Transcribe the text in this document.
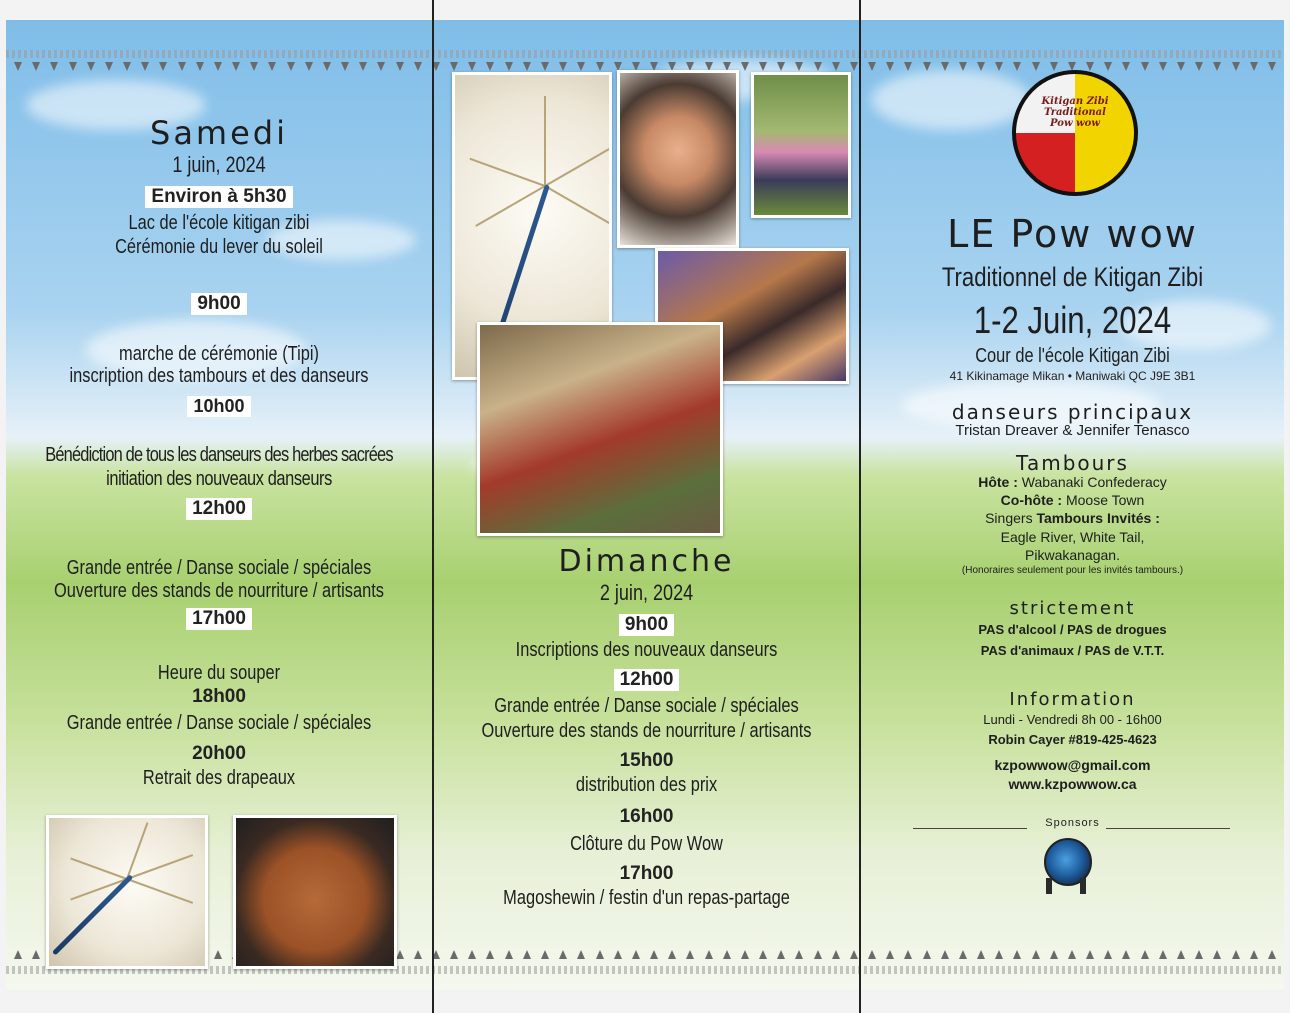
Samedi
1 juin, 2024
Environ à 5h30
Lac de l'école kitigan zibi
Cérémonie du lever du soleil
9h00
marche de cérémonie (Tipi)
inscription des tambours et des danseurs
10h00
Bénédiction de tous les danseurs des herbes sacrées
initiation des nouveaux danseurs
12h00
Grande entrée / Danse sociale / spéciales
Ouverture des stands de nourriture / artisants
17h00
Heure du souper
18h00
Grande entrée / Danse sociale / spéciales
20h00
Retrait des drapeaux
Dimanche
2 juin, 2024
9h00
Inscriptions des nouveaux danseurs
12h00
Grande entrée / Danse sociale / spéciales
Ouverture des stands de nourriture / artisants
15h00
distribution des prix
16h00
Clôture du Pow Wow
17h00
Magoshewin / festin d'un repas-partage
Kitigan Zibi
Traditional
Pow wow
LE Pow wow
Traditionnel de Kitigan Zibi
1-2 Juin, 2024
Cour de l'école Kitigan Zibi
41 Kikinamage Mikan • Maniwaki QC J9E 3B1
danseurs principaux
Tristan Dreaver & Jennifer Tenasco
Tambours
Hôte : Wabanaki Confederacy
Co-hôte : Moose Town
Singers Tambours Invités :
Eagle River, White Tail,
Pikwakanagan.
(Honoraires seulement pour les invités tambours.)
strictement
PAS d'alcool / PAS de drogues
PAS d'animaux / PAS de V.T.T.
Information
Lundi - Vendredi 8h 00 - 16h00
Robin Cayer #819-425-4623
kzpowwow@gmail.com
www.kzpowwow.ca
Sponsors
